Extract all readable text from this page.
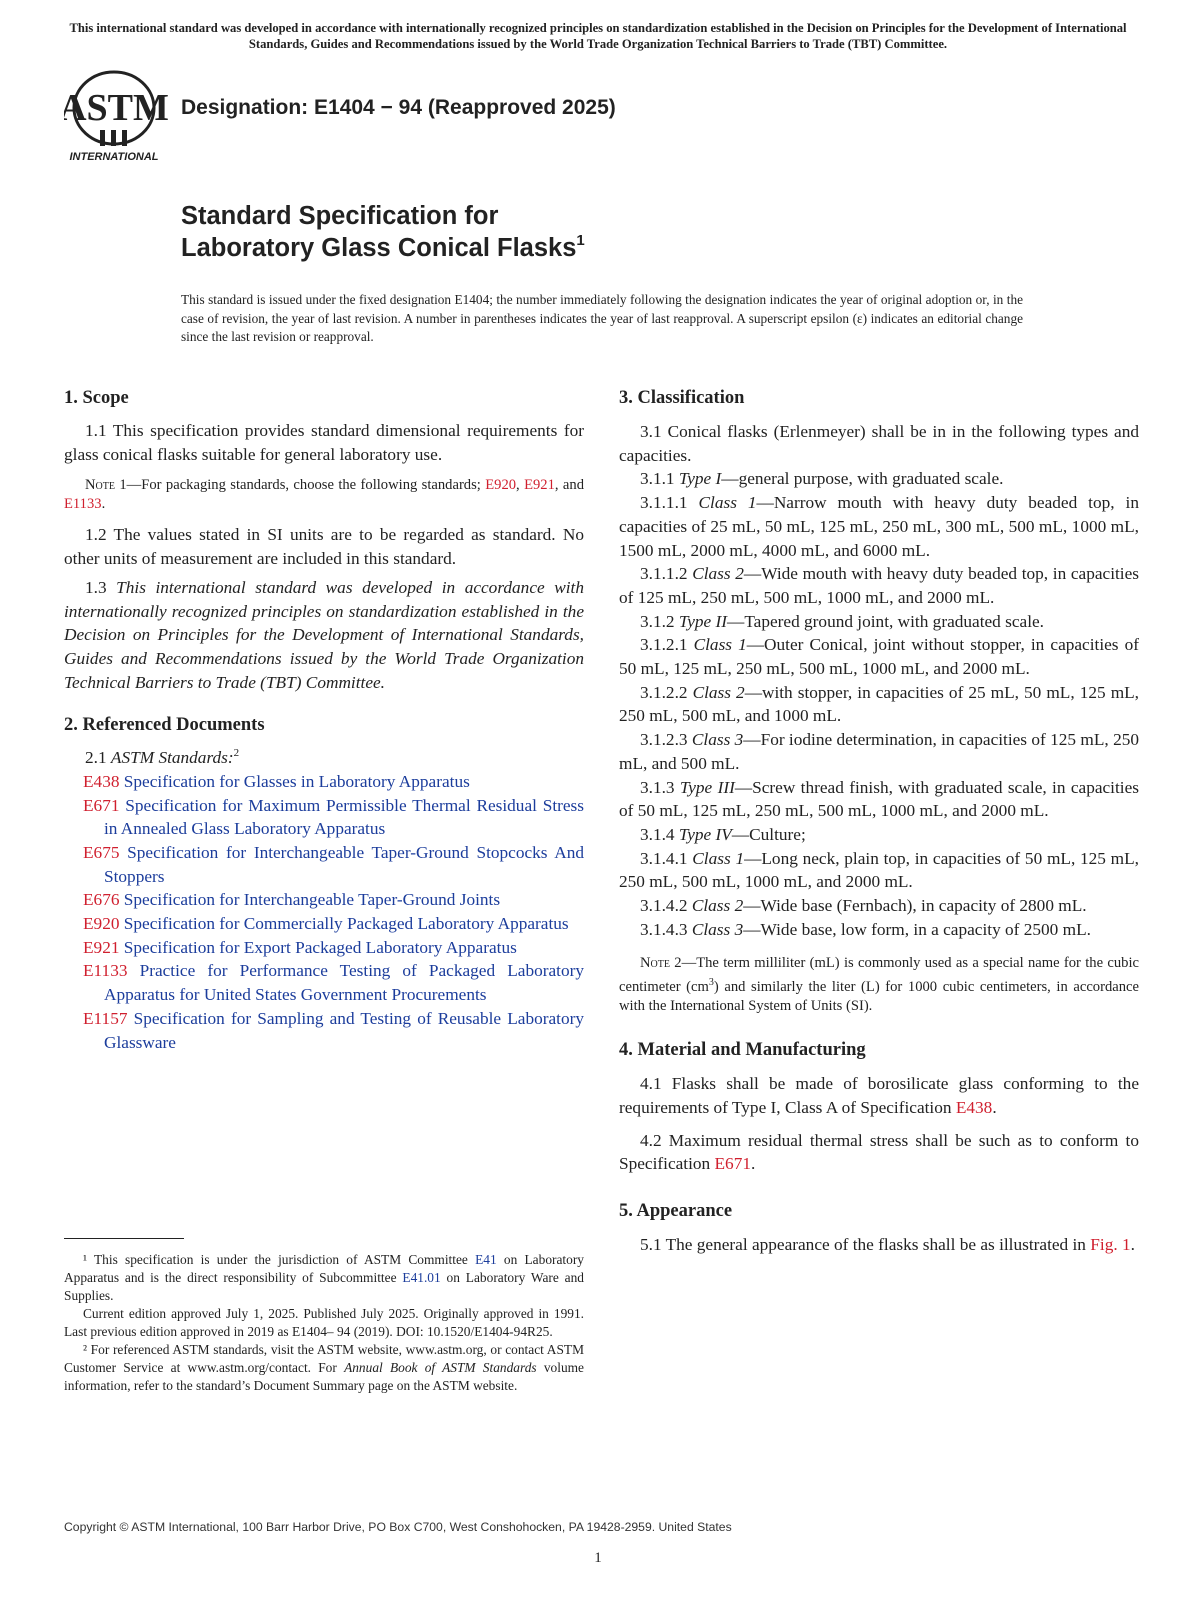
This international standard was developed in accordance with internationally recognized principles on standardization established in the Decision on Principles for the Development of International Standards, Guides and Recommendations issued by the World Trade Organization Technical Barriers to Trade (TBT) Committee.
ASTM
INTERNATIONAL
Designation: E1404 − 94 (Reapproved 2025)
Standard Specification for
Laboratory Glass Conical Flasks$^1$
This standard is issued under the fixed designation E1404; the number immediately following the designation indicates the year of original adoption or, in the case of revision, the year of last revision. A number in parentheses indicates the year of last reapproval. A superscript epsilon (ε) indicates an editorial change since the last revision or reapproval.
1. Scope

1.1 This specification provides standard dimensional requirements for glass conical flasks suitable for general laboratory use.

Note 1—For packaging standards, choose the following standards; E920, E921, and E1133.

1.2 The values stated in SI units are to be regarded as standard. No other units of measurement are included in this standard.

1.3 This international standard was developed in accordance with internationally recognized principles on standardization established in the Decision on Principles for the Development of International Standards, Guides and Recommendations issued by the World Trade Organization Technical Barriers to Trade (TBT) Committee.

2. Referenced Documents

2.1 ASTM Standards:$^2$

E438 Specification for Glasses in Laboratory Apparatus
E671 Specification for Maximum Permissible Thermal Residual Stress in Annealed Glass Laboratory Apparatus
E675 Specification for Interchangeable Taper-Ground Stopcocks And Stoppers
E676 Specification for Interchangeable Taper-Ground Joints
E920 Specification for Commercially Packaged Laboratory Apparatus
E921 Specification for Export Packaged Laboratory Apparatus
E1133 Practice for Performance Testing of Packaged Laboratory Apparatus for United States Government Procurements
E1157 Specification for Sampling and Testing of Reusable Laboratory Glassware
¹ This specification is under the jurisdiction of ASTM Committee E41 on Laboratory Apparatus and is the direct responsibility of Subcommittee E41.01 on Laboratory Ware and Supplies.
Current edition approved July 1, 2025. Published July 2025. Originally approved in 1991. Last previous edition approved in 2019 as E1404– 94 (2019). DOI: 10.1520/E1404-94R25.
² For referenced ASTM standards, visit the ASTM website, www.astm.org, or contact ASTM Customer Service at www.astm.org/contact. For Annual Book of ASTM Standards volume information, refer to the standard’s Document Summary page on the ASTM website.
3. Classification

3.1 Conical flasks (Erlenmeyer) shall be in in the following types and capacities.

3.1.1 Type I—general purpose, with graduated scale.

3.1.1.1 Class 1—Narrow mouth with heavy duty beaded top, in capacities of 25 mL, 50 mL, 125 mL, 250 mL, 300 mL, 500 mL, 1000 mL, 1500 mL, 2000 mL, 4000 mL, and 6000 mL.

3.1.1.2 Class 2—Wide mouth with heavy duty beaded top, in capacities of 125 mL, 250 mL, 500 mL, 1000 mL, and 2000 mL.

3.1.2 Type II—Tapered ground joint, with graduated scale.

3.1.2.1 Class 1—Outer Conical, joint without stopper, in capacities of 50 mL, 125 mL, 250 mL, 500 mL, 1000 mL, and 2000 mL.

3.1.2.2 Class 2—with stopper, in capacities of 25 mL, 50 mL, 125 mL, 250 mL, 500 mL, and 1000 mL.

3.1.2.3 Class 3—For iodine determination, in capacities of 125 mL, 250 mL, and 500 mL.

3.1.3 Type III—Screw thread finish, with graduated scale, in capacities of 50 mL, 125 mL, 250 mL, 500 mL, 1000 mL, and 2000 mL.

3.1.4 Type IV—Culture;

3.1.4.1 Class 1—Long neck, plain top, in capacities of 50 mL, 125 mL, 250 mL, 500 mL, 1000 mL, and 2000 mL.

3.1.4.2 Class 2—Wide base (Fernbach), in capacity of 2800 mL.

3.1.4.3 Class 3—Wide base, low form, in a capacity of 2500 mL.

Note 2—The term milliliter (mL) is commonly used as a special name for the cubic centimeter $(cm^3)$ and similarly the liter (L) for 1000 cubic centimeters, in accordance with the International System of Units (SI).
4. Material and Manufacturing

4.1 Flasks shall be made of borosilicate glass conforming to the requirements of Type I, Class A of Specification E438.

4.2 Maximum residual thermal stress shall be such as to conform to Specification E671.

5. Appearance

5.1 The general appearance of the flasks shall be as illustrated in Fig. 1.

Copyright © ASTM International, 100 Barr Harbor Drive, PO Box C700, West Conshohocken, PA 19428-2959. United States
1
